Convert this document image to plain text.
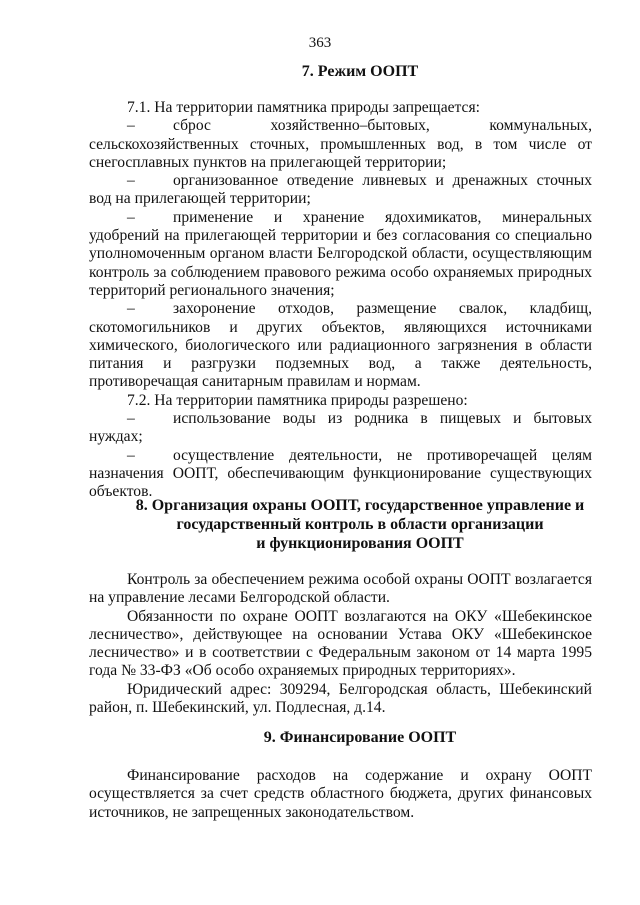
363
7. Режим ООПТ

7.1. На территории памятника природы запрещается:

– сброс хозяйственно–бытовых, коммунальных, сельскохозяйственных сточных, промышленных вод, в том числе от снегосплавных пунктов на прилегающей территории;

– организованное отведение ливневых и дренажных сточных вод на прилегающей территории;

– применение и хранение ядохимикатов, минеральных удобрений на прилегающей территории и без согласования со специально уполномоченным органом власти Белгородской области, осуществляющим контроль за соблюдением правового режима особо охраняемых природных территорий регионального значения;

– захоронение отходов, размещение свалок, кладбищ, скотомогильников и других объектов, являющихся источниками химического, биологического или радиационного загрязнения в области питания и разгрузки подземных вод, а также деятельность, противоречащая санитарным правилам и нормам.

7.2. На территории памятника природы разрешено:

– использование воды из родника в пищевых и бытовых нуждах;

– осуществление деятельности, не противоречащей целям назначения ООПТ, обеспечивающим функционирование существующих объектов.

8. Организация охраны ООПТ, государственное управление и
государственный контроль в области организации
и функционирования ООПТ

Контроль за обеспечением режима особой охраны ООПТ возлагается на управление лесами Белгородской области.

Обязанности по охране ООПТ возлагаются на ОКУ «Шебекинское лесничество», действующее на основании Устава ОКУ «Шебекинское лесничество» и в соответствии с Федеральным законом от 14 марта 1995 года № 33-ФЗ «Об особо охраняемых природных территориях».

Юридический адрес: 309294, Белгородская область, Шебекинский район, п. Шебекинский, ул. Подлесная, д.14.

9. Финансирование ООПТ

Финансирование расходов на содержание и охрану ООПТ осуществляется за счет средств областного бюджета, других финансовых источников, не запрещенных законодательством.
